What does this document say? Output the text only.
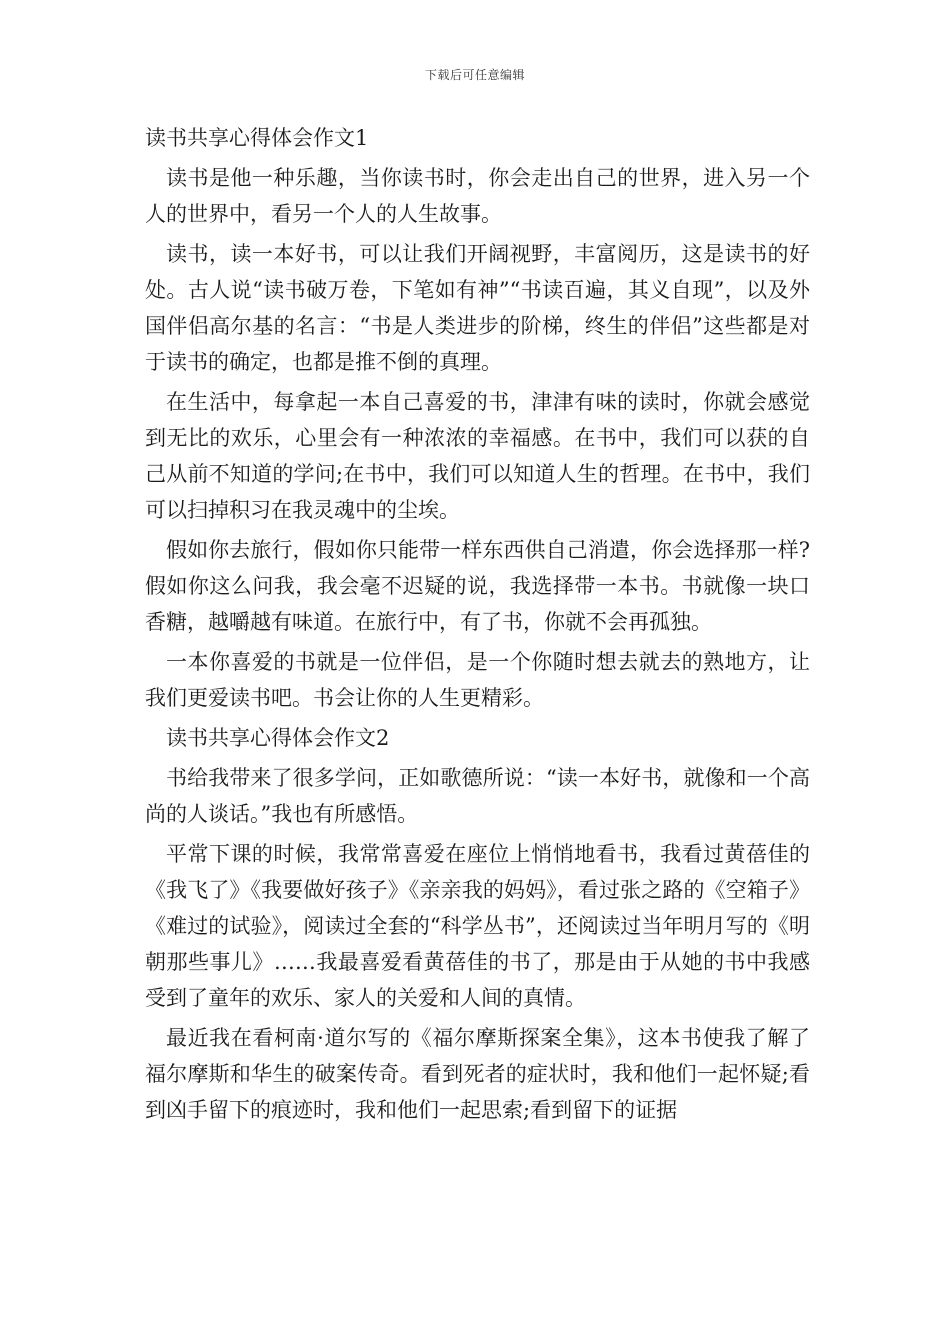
下载后可任意编辑
读书共享心得体会作文1

读书是他一种乐趣，当你读书时，你会走出自己的世界，进入另一个人的世界中，看另一个人的人生故事。

读书，读一本好书，可以让我们开阔视野，丰富阅历，这是读书的好处。古人说“读书破万卷，下笔如有神”“书读百遍，其义自现”，以及外国伴侣高尔基的名言：“书是人类进步的阶梯，终生的伴侣”这些都是对于读书的确定，也都是推不倒的真理。

在生活中，每拿起一本自己喜爱的书，津津有味的读时，你就会感觉到无比的欢乐，心里会有一种浓浓的幸福感。在书中，我们可以获的自己从前不知道的学问;在书中，我们可以知道人生的哲理。在书中，我们可以扫掉积习在我灵魂中的尘埃。

假如你去旅行，假如你只能带一样东西供自己消遣，你会选择那一样?假如你这么问我，我会毫不迟疑的说，我选择带一本书。书就像一块口香糖，越嚼越有味道。在旅行中，有了书，你就不会再孤独。

一本你喜爱的书就是一位伴侣，是一个你随时想去就去的熟地方，让我们更爱读书吧。书会让你的人生更精彩。

读书共享心得体会作文2

书给我带来了很多学问，正如歌德所说：“读一本好书，就像和一个高尚的人谈话。”我也有所感悟。

平常下课的时候，我常常喜爱在座位上悄悄地看书，我看过黄蓓佳的《我飞了》《我要做好孩子》《亲亲我的妈妈》，看过张之路的《空箱子》《难过的试验》，阅读过全套的“科学丛书”，还阅读过当年明月写的《明朝那些事儿》……我最喜爱看黄蓓佳的书了，那是由于从她的书中我感受到了童年的欢乐、家人的关爱和人间的真情。

最近我在看柯南·道尔写的《福尔摩斯探案全集》，这本书使我了解了福尔摩斯和华生的破案传奇。看到死者的症状时，我和他们一起怀疑;看到凶手留下的痕迹时，我和他们一起思索;看到留下的证据
